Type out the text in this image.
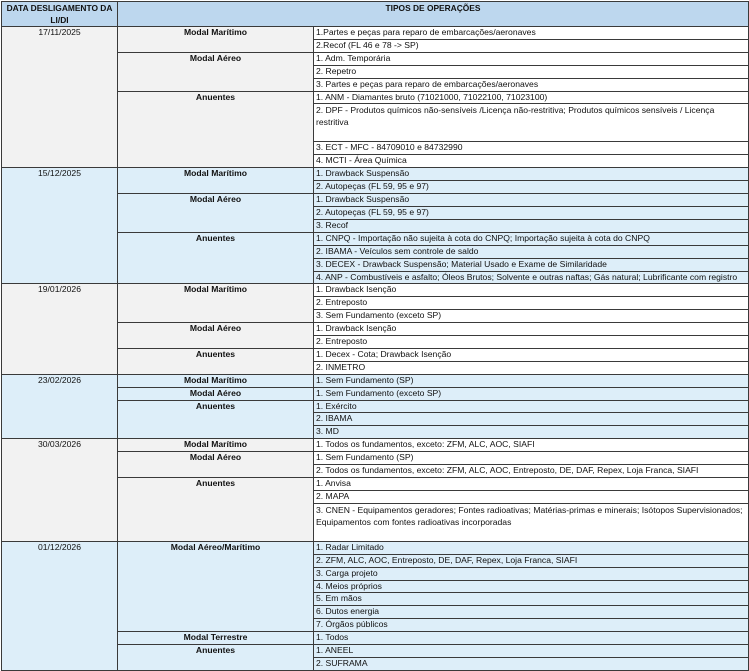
DATA DESLIGAMENTO DA LI/DI	TIPOS DE OPERAÇÕES	
17/11/2025	Modal Marítimo	1.Partes e peças para reparo de embarcações/aeronaves
		2.Recof (FL 46 e 78 -> SP)
	Modal Aéreo	1. Adm. Temporária
		2. Repetro
		3. Partes e peças para reparo de embarcações/aeronaves
	Anuentes	1. ANM - Diamantes bruto (71021000, 71022100, 71023100)
		2. DPF - Produtos químicos não-sensíveis /Licença não-restritiva; Produtos químicos sensíveis / Licença restritiva
		3. ECT - MFC - 84709010 e 84732990
		4. MCTI - Área Química
15/12/2025	Modal Marítimo	1. Drawback Suspensão
		2. Autopeças (FL 59, 95 e 97)
	Modal Aéreo	1. Drawback Suspensão
		2. Autopeças (FL 59, 95 e 97)
		3. Recof
	Anuentes	1. CNPQ - Importação não sujeita à cota do CNPQ; Importação sujeita à cota do CNPQ
		2. IBAMA - Veículos sem controle de saldo
		3. DECEX - Drawback Suspensão; Material Usado e Exame de Similaridade
		4. ANP - Combustíveis e asfalto; Óleos Brutos; Solvente e outras naftas; Gás natural; Lubrificante com registro
19/01/2026	Modal Marítimo	1. Drawback Isenção
		2. Entreposto
		3. Sem Fundamento (exceto SP)
	Modal Aéreo	1. Drawback Isenção
		2. Entreposto
	Anuentes	1. Decex - Cota; Drawback Isenção
		2. INMETRO
23/02/2026	Modal Marítimo	1. Sem Fundamento (SP)
	Modal Aéreo	1. Sem Fundamento (exceto SP)
	Anuentes	1. Exército
		2. IBAMA
		3. MD
30/03/2026	Modal Marítimo	1. Todos os fundamentos, exceto: ZFM, ALC, AOC, SIAFI
	Modal Aéreo	1. Sem Fundamento (SP)
		2. Todos os fundamentos, exceto: ZFM, ALC, AOC, Entreposto, DE, DAF, Repex, Loja Franca, SIAFI
	Anuentes	1. Anvisa
		2. MAPA
		3. CNEN - Equipamentos geradores; Fontes radioativas; Matérias-primas e minerais; Isótopos Supervisionados; Equipamentos com fontes radioativas incorporadas
01/12/2026	Modal Aéreo/Marítimo	1. Radar Limitado
		2. ZFM, ALC, AOC, Entreposto, DE, DAF, Repex, Loja Franca, SIAFI
		3. Carga projeto
		4. Meios próprios
		5. Em mãos
		6. Dutos energia
		7. Órgãos públicos
	Modal Terrestre	1. Todos
	Anuentes	1. ANEEL
		2. SUFRAMA
